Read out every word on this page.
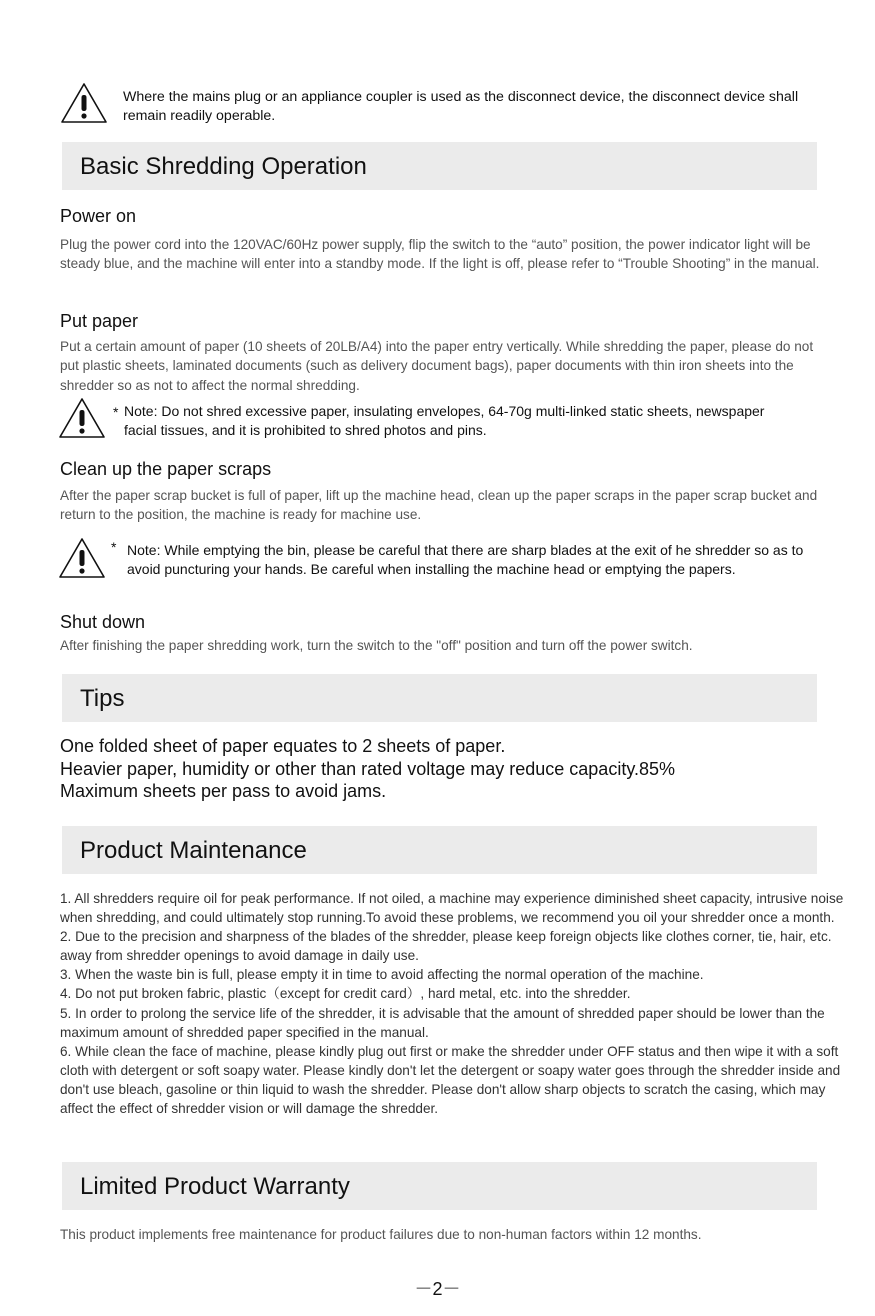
Where the mains plug or an appliance coupler is used as the disconnect device, the disconnect device shall remain readily operable.
Basic Shredding Operation
Power on
Plug the power cord into the 120VAC/60Hz power supply, flip the switch to the “auto” position, the power indicator light will be steady blue, and the machine will enter into a standby mode. If the light is off, please refer to “Trouble Shooting” in the manual.
Put paper
Put a certain amount of paper (10 sheets of 20LB/A4) into the paper entry vertically. While shredding the paper, please do not put plastic sheets, laminated documents (such as delivery document bags), paper documents with thin iron sheets into the shredder so as not to affect the normal shredding.
* Note: Do not shred excessive paper, insulating envelopes, 64-70g multi-linked static sheets, newspaper facial tissues, and it is prohibited to shred photos and pins.
Clean up the paper scraps
After the paper scrap bucket is full of paper, lift up the machine head, clean up the paper scraps in the paper scrap bucket and return to the position, the machine is ready for machine use.
* Note: While emptying the bin, please be careful that there are sharp blades at the exit of he shredder so as to avoid puncturing your hands. Be careful when installing the machine head or emptying the papers.
Shut down
After finishing the paper shredding work, turn the switch to the "off" position and turn off the power switch.
Tips
One folded sheet of paper equates to 2 sheets of paper.
Heavier paper, humidity or other than rated voltage may reduce capacity.85%
Maximum sheets per pass to avoid jams.
Product Maintenance

1. All shredders require oil for peak performance. If not oiled, a machine may experience diminished sheet capacity, intrusive noise when shredding, and could ultimately stop running.To avoid these problems, we recommend you oil your shredder once a month.

2. Due to the precision and sharpness of the blades of the shredder, please keep foreign objects like clothes corner, tie, hair, etc. away from shredder openings to avoid damage in daily use.

3. When the waste bin is full, please empty it in time to avoid affecting the normal operation of the machine.

4. Do not put broken fabric, plastic（except for credit card）, hard metal, etc. into the shredder.

5. In order to prolong the service life of the shredder, it is advisable that the amount of shredded paper should be lower than the maximum amount of shredded paper specified in the manual.

6. While clean the face of machine, please kindly plug out first or make the shredder under OFF status and then wipe it with a soft cloth with detergent or soft soapy water. Please kindly don't let the detergent or soapy water goes through the shredder inside and don't use bleach, gasoline or thin liquid to wash the shredder. Please don't allow sharp objects to scratch the casing, which may affect the effect of shredder vision or will damage the shredder.

Limited Product Warranty
This product implements free maintenance for product failures due to non-human factors within 12 months.
－2－
